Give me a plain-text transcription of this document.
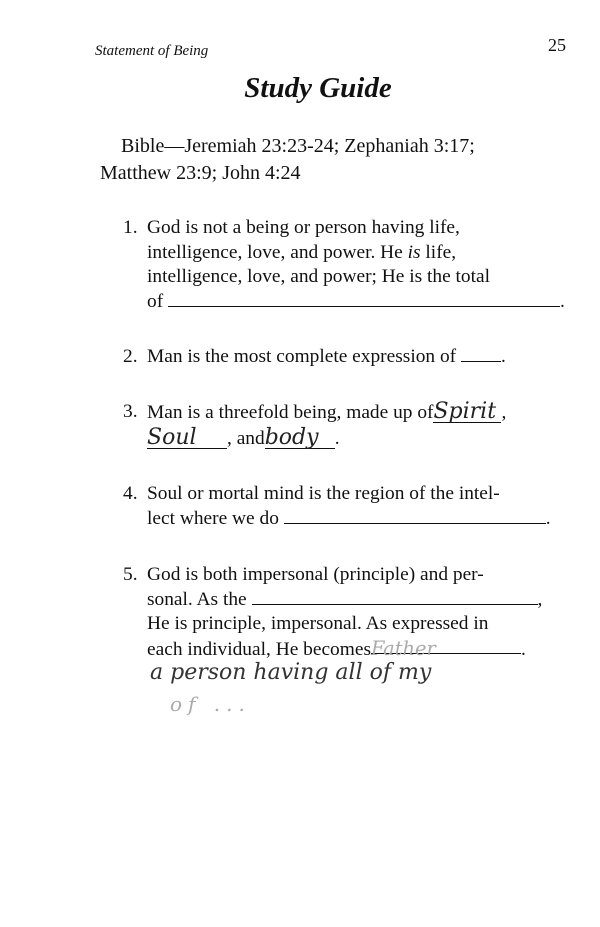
Statement of Being	25
Study Guide
Bible—Jeremiah 23:23-24; Zephaniah 3:17;
Matthew 23:9; John 4:24
1. God is not a being or person having life,
intelligence, love, and power. He is life,
intelligence, love, and power; He is the total
of	.
2. Man is the most complete expression of .
3. Man is a threefold being, made up ofSpirit ,
Soul , andbody .
4. Soul or mortal mind is the region of the intel-
lect where we do	.
5. God is both impersonal (principle) and per-
sonal. As the	,
He is principle, impersonal. As expressed in
each individual, He becomesFather	.
a person having all of my
of ...
